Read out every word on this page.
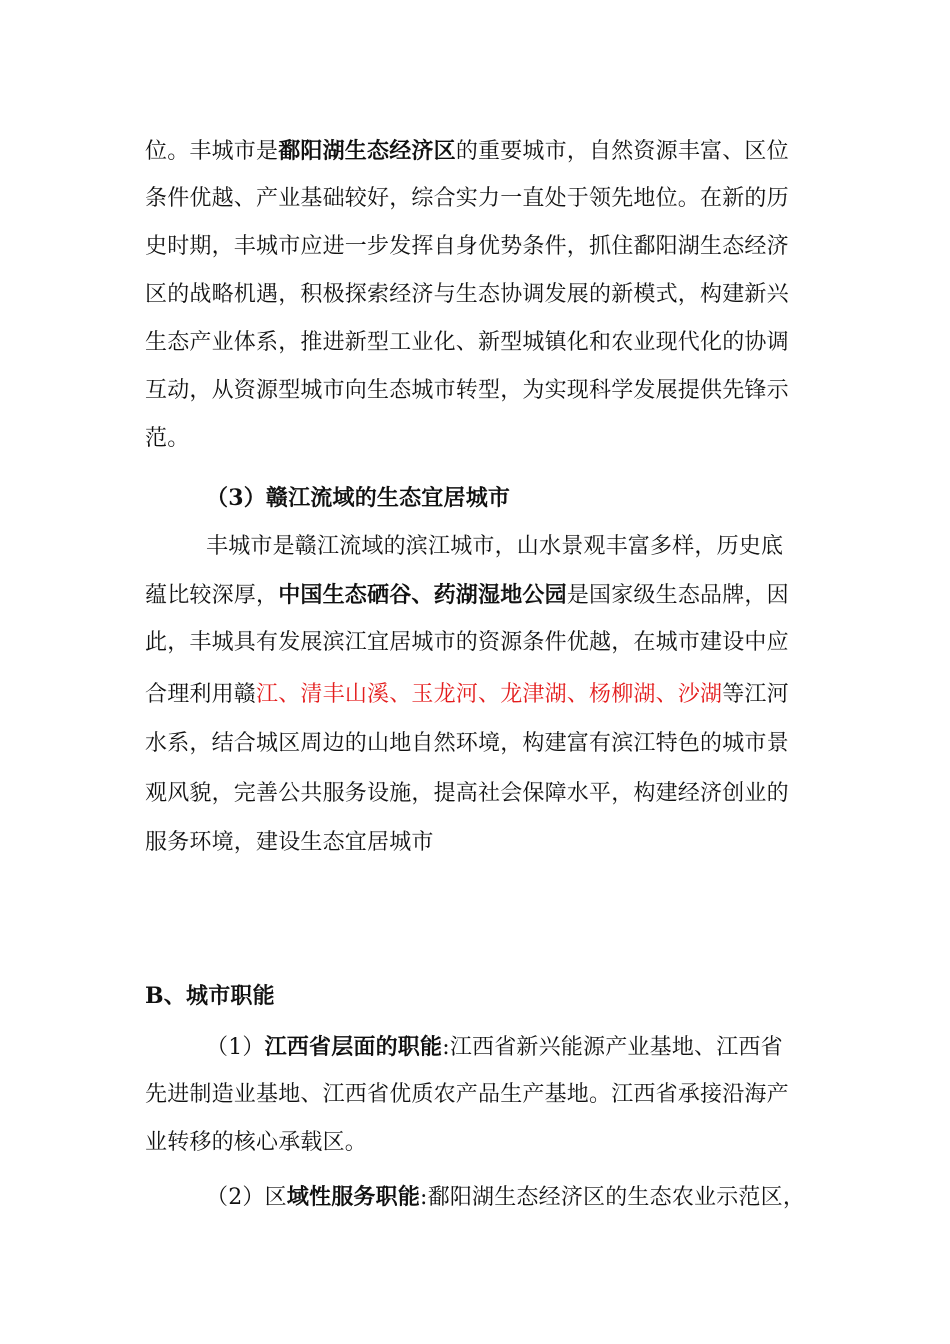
位。丰城市是鄱阳湖生态经济区的重要城市，自然资源丰富、区位
条件优越、产业基础较好，综合实力一直处于领先地位。在新的历
史时期，丰城市应进一步发挥自身优势条件，抓住鄱阳湖生态经济
区的战略机遇，积极探索经济与生态协调发展的新模式，构建新兴
生态产业体系，推进新型工业化、新型城镇化和农业现代化的协调
互动，从资源型城市向生态城市转型，为实现科学发展提供先锋示
范。
（3）赣江流域的生态宜居城市
丰城市是赣江流域的滨江城市，山水景观丰富多样，历史底
蕴比较深厚，中国生态硒谷、药湖湿地公园是国家级生态品牌，因
此，丰城具有发展滨江宜居城市的资源条件优越，在城市建设中应
合理利用赣江、清丰山溪、玉龙河、龙津湖、杨柳湖、沙湖等江河
水系，结合城区周边的山地自然环境，构建富有滨江特色的城市景
观风貌，完善公共服务设施，提高社会保障水平，构建经济创业的
服务环境，建设生态宜居城市
B、城市职能
（1）江西省层面的职能:江西省新兴能源产业基地、江西省
先进制造业基地、江西省优质农产品生产基地。江西省承接沿海产
业转移的核心承载区。
（2）区域性服务职能:鄱阳湖生态经济区的生态农业示范区，
